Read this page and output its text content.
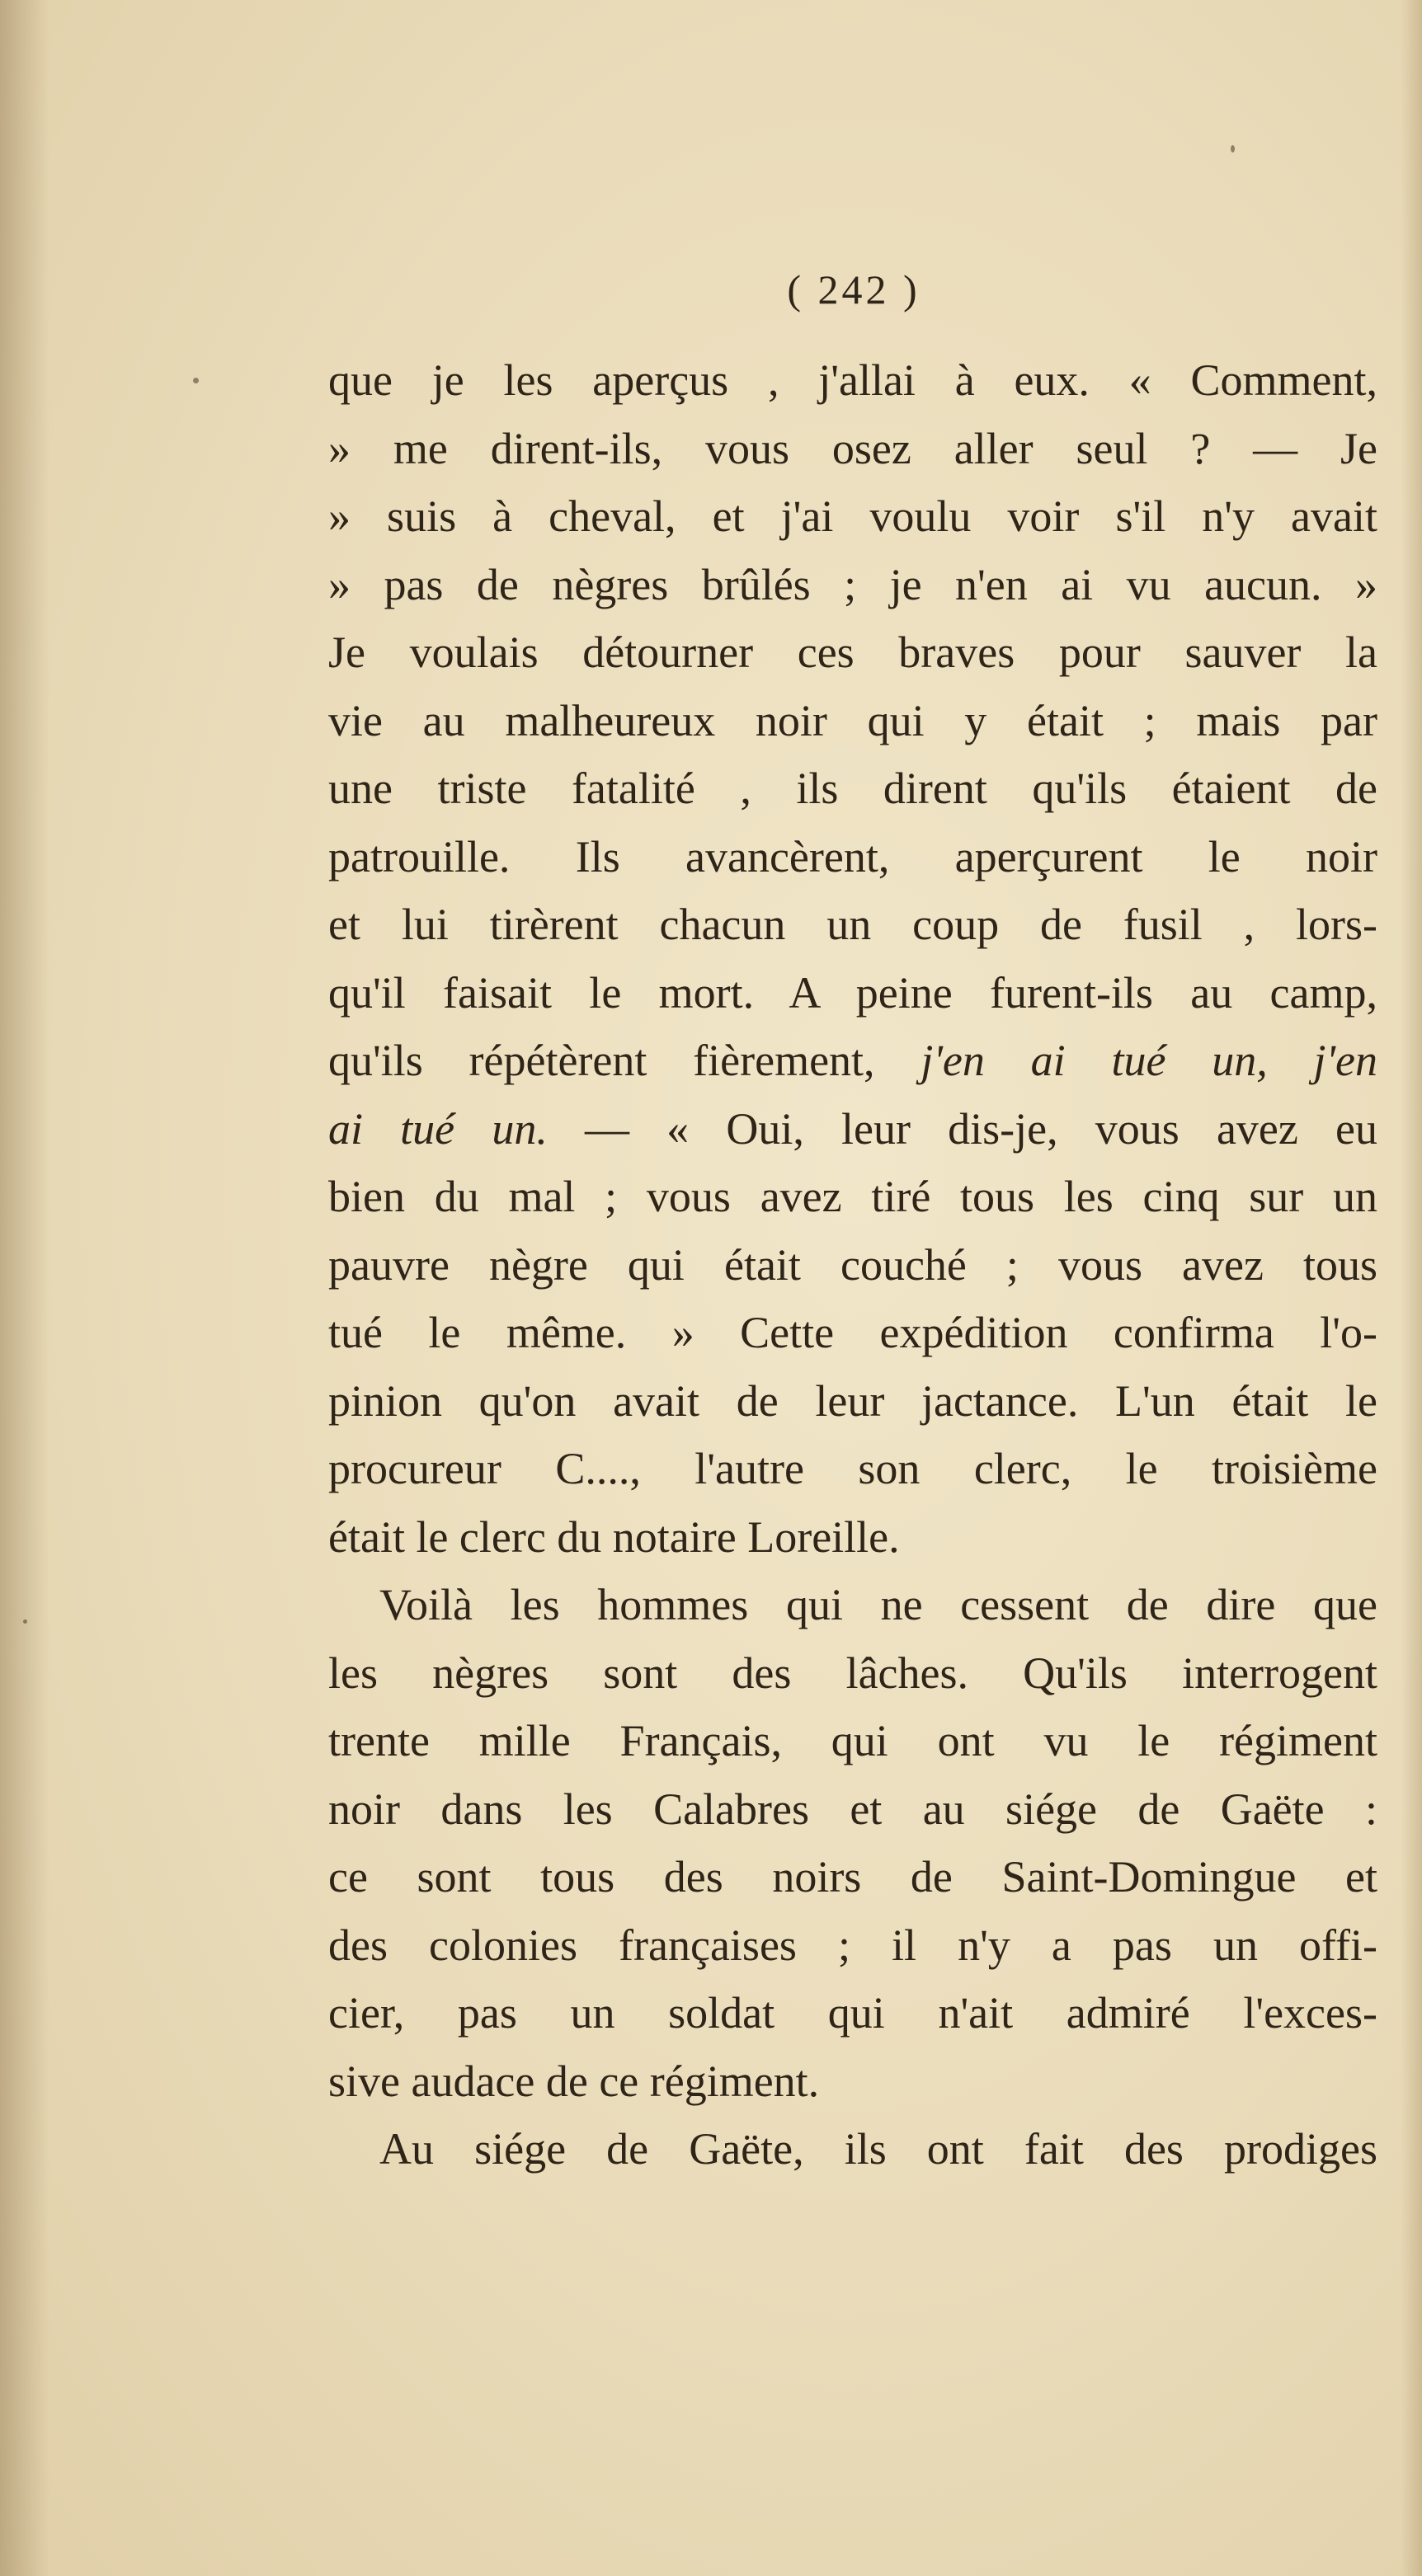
( 242 )
que je les aperçus , j'allai à eux. « Comment,
» me dirent-ils, vous osez aller seul ? — Je
» suis à cheval, et j'ai voulu voir s'il n'y avait
» pas de nègres brûlés ; je n'en ai vu aucun. »
Je voulais détourner ces braves pour sauver la
vie au malheureux noir qui y était ; mais par
une triste fatalité , ils dirent qu'ils étaient de
patrouille. Ils avancèrent, aperçurent le noir
et lui tirèrent chacun un coup de fusil , lors-
qu'il faisait le mort. A peine furent-ils au camp,
qu'ils répétèrent fièrement, j'en ai tué un, j'en
ai tué un. — « Oui, leur dis-je, vous avez eu
bien du mal ; vous avez tiré tous les cinq sur un
pauvre nègre qui était couché ; vous avez tous
tué le même. » Cette expédition confirma l'o-
pinion qu'on avait de leur jactance. L'un était le
procureur C...., l'autre son clerc, le troisième
était le clerc du notaire Loreille.
Voilà les hommes qui ne cessent de dire que
les nègres sont des lâches. Qu'ils interrogent
trente mille Français, qui ont vu le régiment
noir dans les Calabres et au siége de Gaëte :
ce sont tous des noirs de Saint-Domingue et
des colonies françaises ; il n'y a pas un offi-
cier, pas un soldat qui n'ait admiré l'exces-
sive audace de ce régiment.
Au siége de Gaëte, ils ont fait des prodiges
